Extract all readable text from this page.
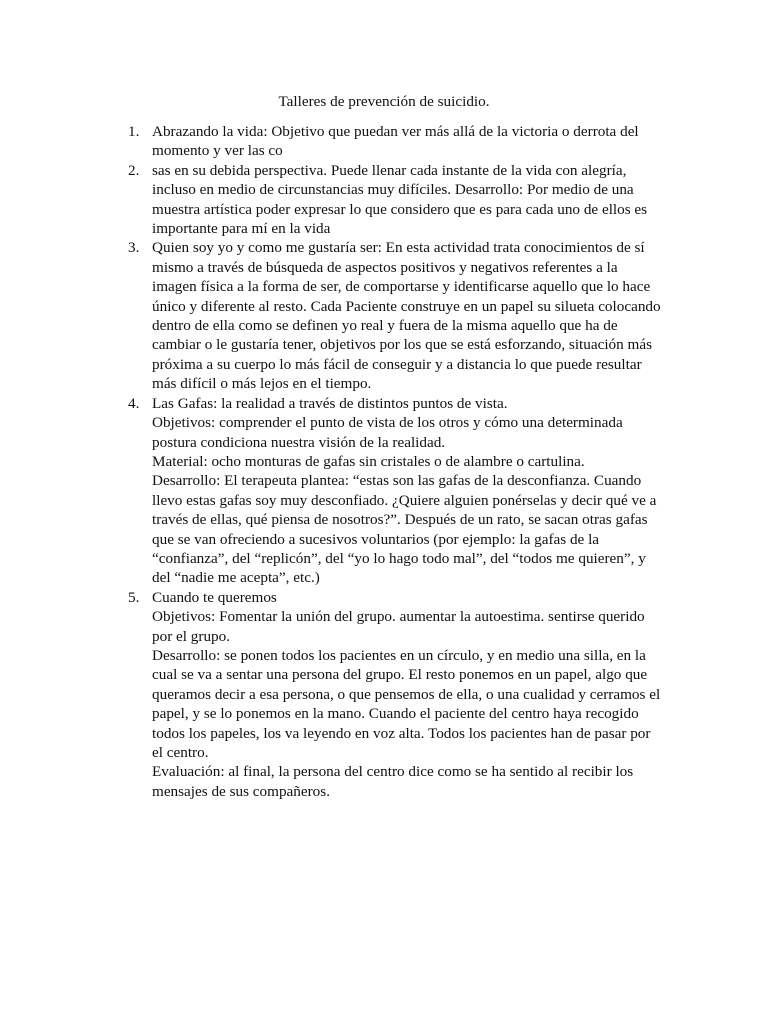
Talleres de prevención de suicidio.
1. Abrazando la vida: Objetivo que puedan ver más allá de la victoria o derrota del
momento y ver las co
2. sas en su debida perspectiva. Puede llenar cada instante de la vida con alegría,
incluso en medio de circunstancias muy difíciles. Desarrollo: Por medio de una
muestra artística poder expresar lo que considero que es para cada uno de ellos es
importante para mí en la vida
3. Quien soy yo y como me gustaría ser: En esta actividad trata conocimientos de sí
mismo a través de búsqueda de aspectos positivos y negativos referentes a la
imagen física a la forma de ser, de comportarse y identificarse aquello que lo hace
único y diferente al resto. Cada Paciente construye en un papel su silueta colocando
dentro de ella como se definen yo real y fuera de la misma aquello que ha de
cambiar o le gustaría tener, objetivos por los que se está esforzando, situación más
próxima a su cuerpo lo más fácil de conseguir y a distancia lo que puede resultar
más difícil o más lejos en el tiempo.
4. Las Gafas: la realidad a través de distintos puntos de vista.
Objetivos: comprender el punto de vista de los otros y cómo una determinada
postura condiciona nuestra visión de la realidad.
Material: ocho monturas de gafas sin cristales o de alambre o cartulina.
Desarrollo: El terapeuta plantea: “estas son las gafas de la desconfianza. Cuando
llevo estas gafas soy muy desconfiado. ¿Quiere alguien ponérselas y decir qué ve a
través de ellas, qué piensa de nosotros?”. Después de un rato, se sacan otras gafas
que se van ofreciendo a sucesivos voluntarios (por ejemplo: la gafas de la
“confianza”, del “replicón”, del “yo lo hago todo mal”, del “todos me quieren”, y
del “nadie me acepta”, etc.)
5. Cuando te queremos
Objetivos: Fomentar la unión del grupo. aumentar la autoestima. sentirse querido
por el grupo.
Desarrollo: se ponen todos los pacientes en un círculo, y en medio una silla, en la
cual se va a sentar una persona del grupo. El resto ponemos en un papel, algo que
queramos decir a esa persona, o que pensemos de ella, o una cualidad y cerramos el
papel, y se lo ponemos en la mano. Cuando el paciente del centro haya recogido
todos los papeles, los va leyendo en voz alta. Todos los pacientes han de pasar por
el centro.
Evaluación: al final, la persona del centro dice como se ha sentido al recibir los
mensajes de sus compañeros.
